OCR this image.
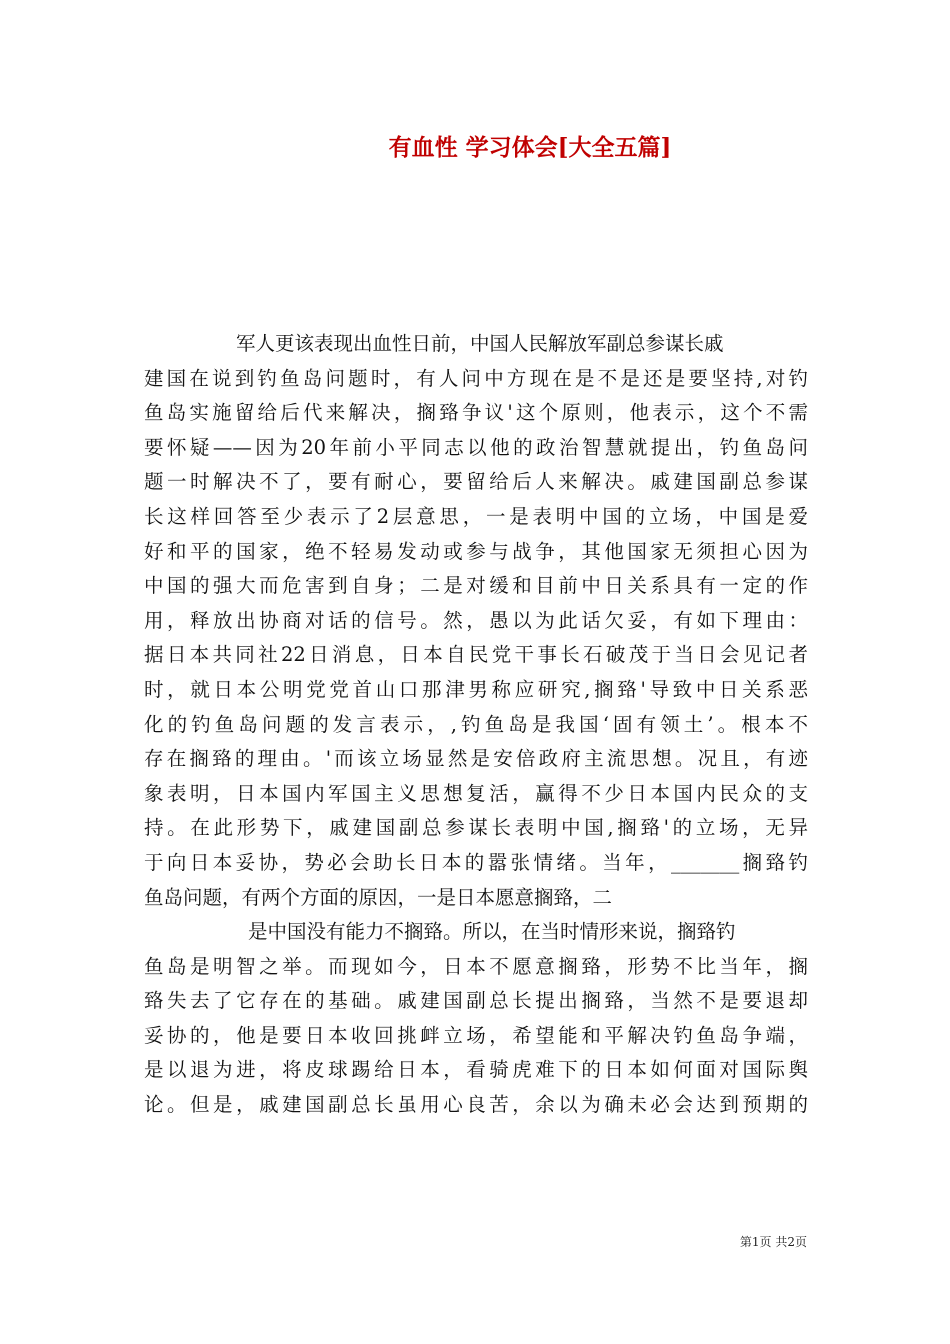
有血性 学习体会[大全五篇]
军人更该表现出血性日前，中国人民解放军副总参谋长戚
建国在说到钓鱼岛问题时，有人问中方现在是不是还是要坚持,对钓
鱼岛实施留给后代来解决，搁臵争议'这个原则，他表示，这个不需
要怀疑——因为20年前小平同志以他的政治智慧就提出，钓鱼岛问
题一时解决不了，要有耐心，要留给后人来解决。戚建国副总参谋
长这样回答至少表示了2层意思，一是表明中国的立场，中国是爱
好和平的国家，绝不轻易发动或参与战争，其他国家无须担心因为
中国的强大而危害到自身；二是对缓和目前中日关系具有一定的作
用，释放出协商对话的信号。然，愚以为此话欠妥，有如下理由：
据日本共同社22日消息，日本自民党干事长石破茂于当日会见记者
时，就日本公明党党首山口那津男称应研究,搁臵'导致中日关系恶
化的钓鱼岛问题的发言表示，,钓鱼岛是我国‘固有领土’。根本不
存在搁臵的理由。'而该立场显然是安倍政府主流思想。况且，有迹
象表明，日本国内军国主义思想复活，赢得不少日本国内民众的支
持。在此形势下，戚建国副总参谋长表明中国,搁臵'的立场，无异
于向日本妥协，势必会助长日本的嚣张情绪。当年，_______搁臵钓
鱼岛问题，有两个方面的原因，一是日本愿意搁臵，二
是中国没有能力不搁臵。所以，在当时情形来说，搁臵钓
鱼岛是明智之举。而现如今，日本不愿意搁臵，形势不比当年，搁
臵失去了它存在的基础。戚建国副总长提出搁臵，当然不是要退却
妥协的，他是要日本收回挑衅立场，希望能和平解决钓鱼岛争端，
是以退为进，将皮球踢给日本，看骑虎难下的日本如何面对国际舆
论。但是，戚建国副总长虽用心良苦，余以为确未必会达到预期的
第1页 共2页
